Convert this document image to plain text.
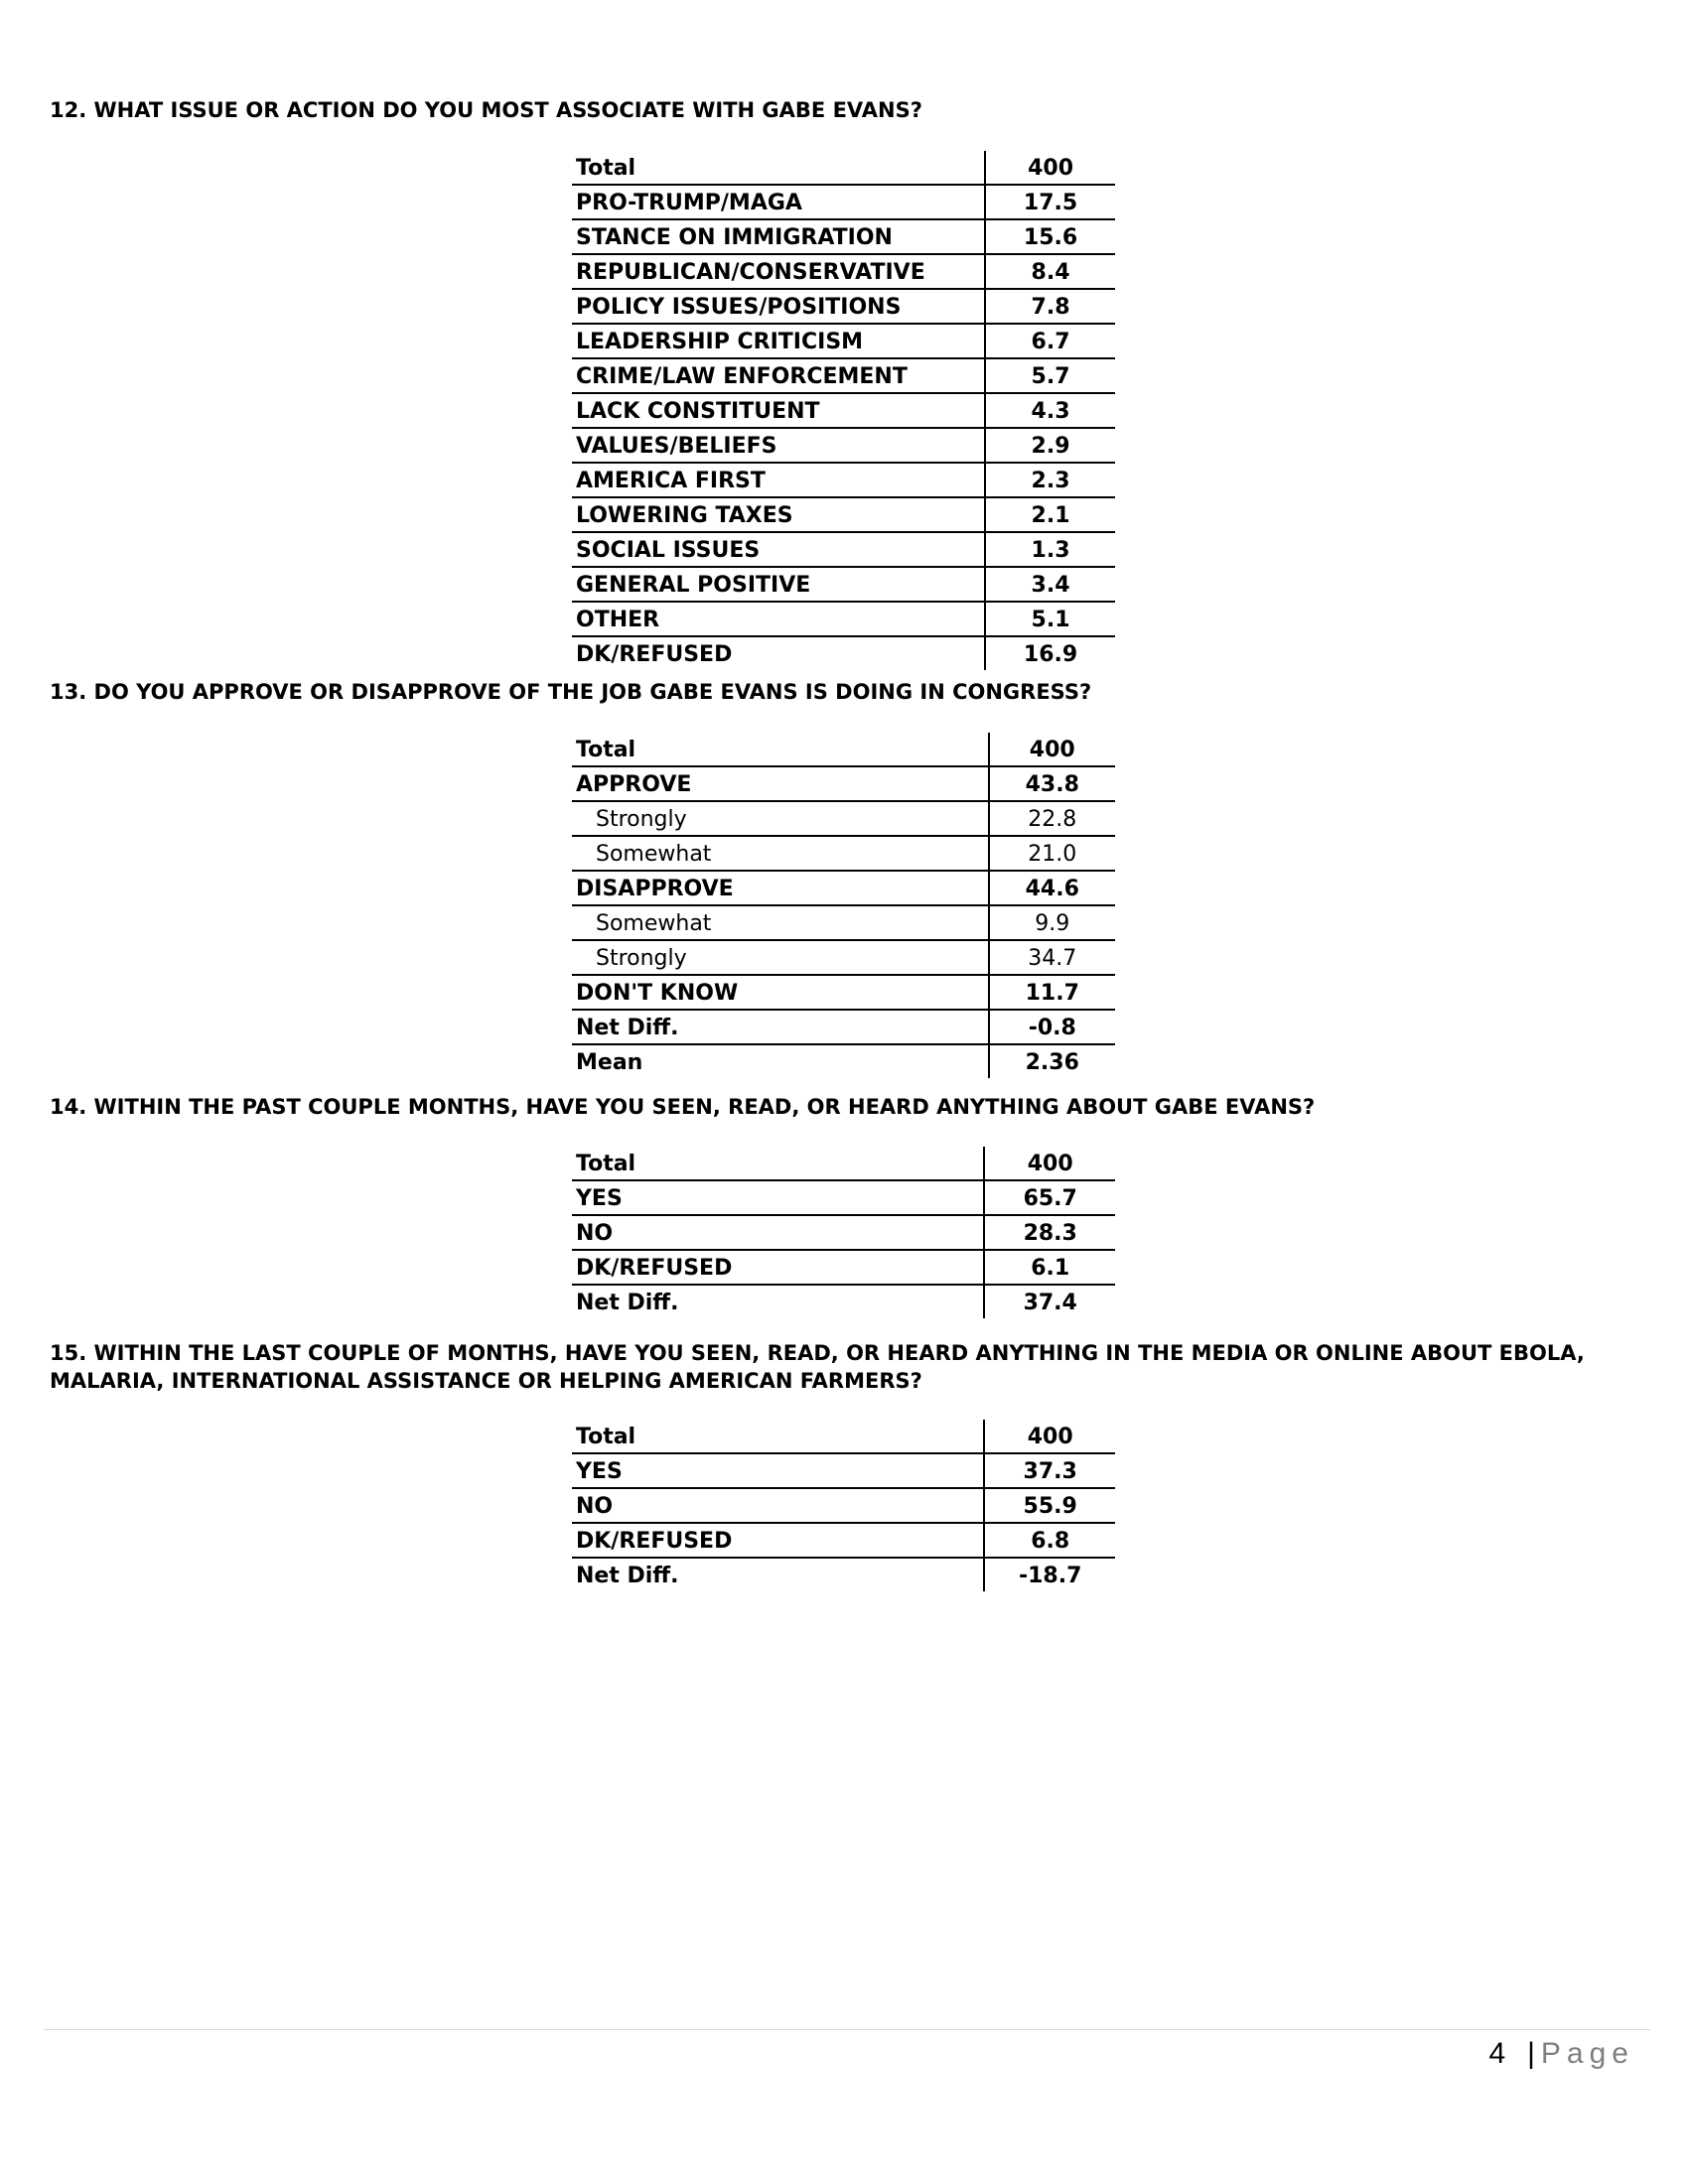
12. WHAT ISSUE OR ACTION DO YOU MOST ASSOCIATE WITH GABE EVANS?
Total	400
PRO-TRUMP/MAGA	17.5
STANCE ON IMMIGRATION	15.6
REPUBLICAN/CONSERVATIVE	8.4
POLICY ISSUES/POSITIONS	7.8
LEADERSHIP CRITICISM	6.7
CRIME/LAW ENFORCEMENT	5.7
LACK CONSTITUENT	4.3
VALUES/BELIEFS	2.9
AMERICA FIRST	2.3
LOWERING TAXES	2.1
SOCIAL ISSUES	1.3
GENERAL POSITIVE	3.4
OTHER	5.1
DK/REFUSED	16.9
13. DO YOU APPROVE OR DISAPPROVE OF THE JOB GABE EVANS IS DOING IN CONGRESS?
Total	400
APPROVE	43.8
Strongly	22.8
Somewhat	21.0
DISAPPROVE	44.6
Somewhat	9.9
Strongly	34.7
DON'T KNOW	11.7
Net Diff.	-0.8
Mean	2.36
14. WITHIN THE PAST COUPLE MONTHS, HAVE YOU SEEN, READ, OR HEARD ANYTHING ABOUT GABE EVANS?
Total	400
YES	65.7
NO	28.3
DK/REFUSED	6.1
Net Diff.	37.4
15. WITHIN THE LAST COUPLE OF MONTHS, HAVE YOU SEEN, READ, OR HEARD ANYTHING IN THE MEDIA OR ONLINE ABOUT EBOLA, MALARIA, INTERNATIONAL ASSISTANCE OR HELPING AMERICAN FARMERS?
Total	400
YES	37.3
NO	55.9
DK/REFUSED	6.8
Net Diff.	-18.7
4 | Page
